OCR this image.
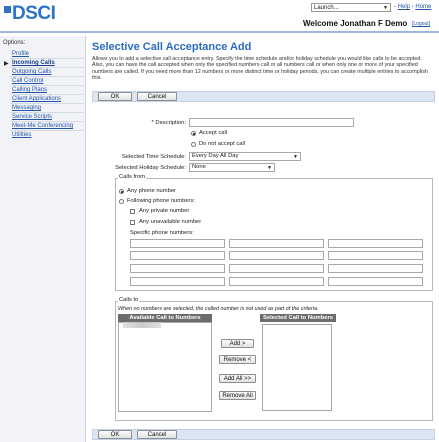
DSCI	Launch...	▼ - Help - Home
Welcome Jonathan F Demo [Logout]
Options:
▶
Profile
Incoming Calls
Outgoing Calls
Call Control
Calling Plans
Client Applications
Messaging
Service Scripts
Meet-Me Conferencing
Utilities
Selective Call Acceptance Add
Allows you to add a selective call acceptance entry. Specify the time schedule and/or holiday schedule you would like calls to be accepted. Also, you can have the call accepted when only the specified numbers call or all numbers call or when only one or more of your specified numbers are called. If you need more than 12 numbers or more distinct time or holiday periods, you can create multiple entries to accomplish this.
OK	Cancel
* Description:
Accept call
Do not accept call
Selected Time Schedule:	Every Day All Day	▼
Selected Holiday Schedule:	None	▼
Calls from
Any phone number
Following phone numbers:
Any private number
Any unavailable number
Specific phone numbers:
Calls to
When no numbers are selected, the called number is not used as part of the criteria.
Available Call to Numbers	Selected Call to Numbers
Add >
Remove <
Add All >>
Remove All
OK	Cancel
